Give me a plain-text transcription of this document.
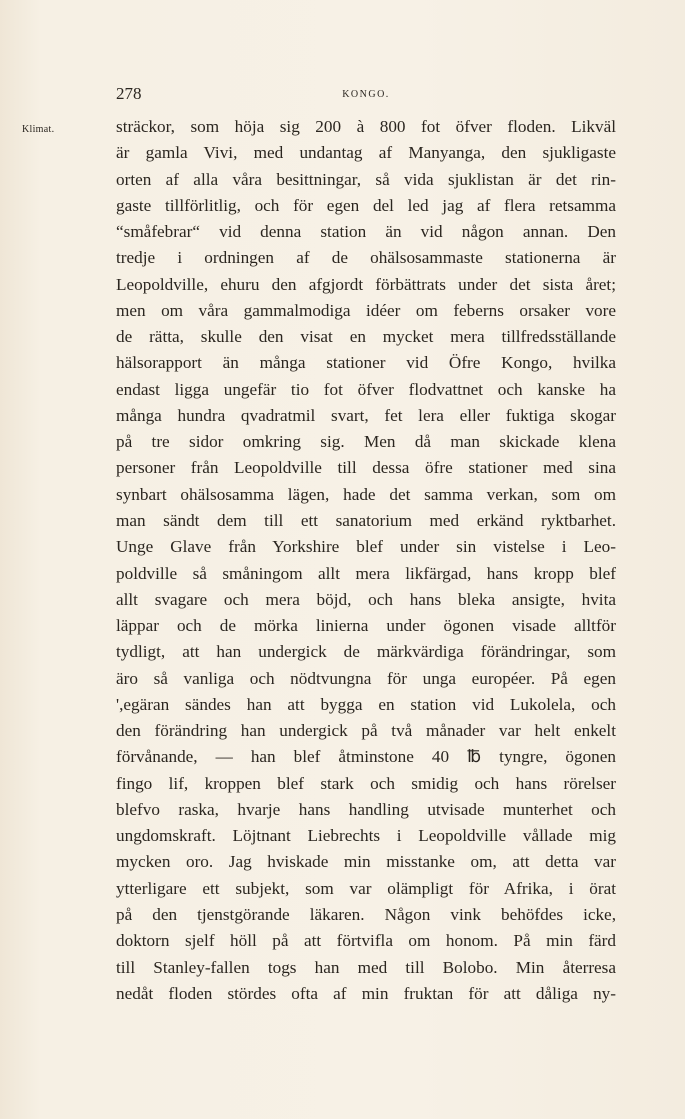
278	KONGO.
Klimat.	sträckor, som höja sig 200 à 800 fot öfver floden. Likväl
är gamla Vivi, med undantag af Manyanga, den sjukligaste
orten af alla våra besittningar, så vida sjuklistan är det rin-
gaste tillförlitlig, och för egen del led jag af flera retsamma
“småfebrar“ vid denna station än vid någon annan. Den
tredje i ordningen af de ohälsosammaste stationerna är
Leopoldville, ehuru den afgjordt förbättrats under det sista året;
men om våra gammalmodiga idéer om feberns orsaker vore
de rätta, skulle den visat en mycket mera tillfredsställande
hälsorapport än många stationer vid Öfre Kongo, hvilka
endast ligga ungefär tio fot öfver flodvattnet och kanske ha
många hundra qvadratmil svart, fet lera eller fuktiga skogar
på tre sidor omkring sig. Men då man skickade klena
personer från Leopoldville till dessa öfre stationer med sina
synbart ohälsosamma lägen, hade det samma verkan, som om
man sändt dem till ett sanatorium med erkänd ryktbarhet.
Unge Glave från Yorkshire blef under sin vistelse i Leo-
poldville så småningom allt mera likfärgad, hans kropp blef
allt svagare och mera böjd, och hans bleka ansigte, hvita
läppar och de mörka linierna under ögonen visade alltför
tydligt, att han undergick de märkvärdiga förändringar, som
äro så vanliga och nödtvungna för unga européer. På egen
',egäran sändes han att bygga en station vid Lukolela, och
den förändring han undergick på två månader var helt enkelt
förvånande, — han blef åtminstone 40 ℔ tyngre, ögonen
fingo lif, kroppen blef stark och smidig och hans rörelser
blefvo raska, hvarje hans handling utvisade munterhet och
ungdomskraft. Löjtnant Liebrechts i Leopoldville vållade mig
mycken oro. Jag hviskade min misstanke om, att detta var
ytterligare ett subjekt, som var olämpligt för Afrika, i örat
på den tjenstgörande läkaren. Någon vink behöfdes icke,
doktorn sjelf höll på att förtvifla om honom. På min färd
till Stanley-fallen togs han med till Bolobo. Min återresa
nedåt floden stördes ofta af min fruktan för att dåliga ny-
